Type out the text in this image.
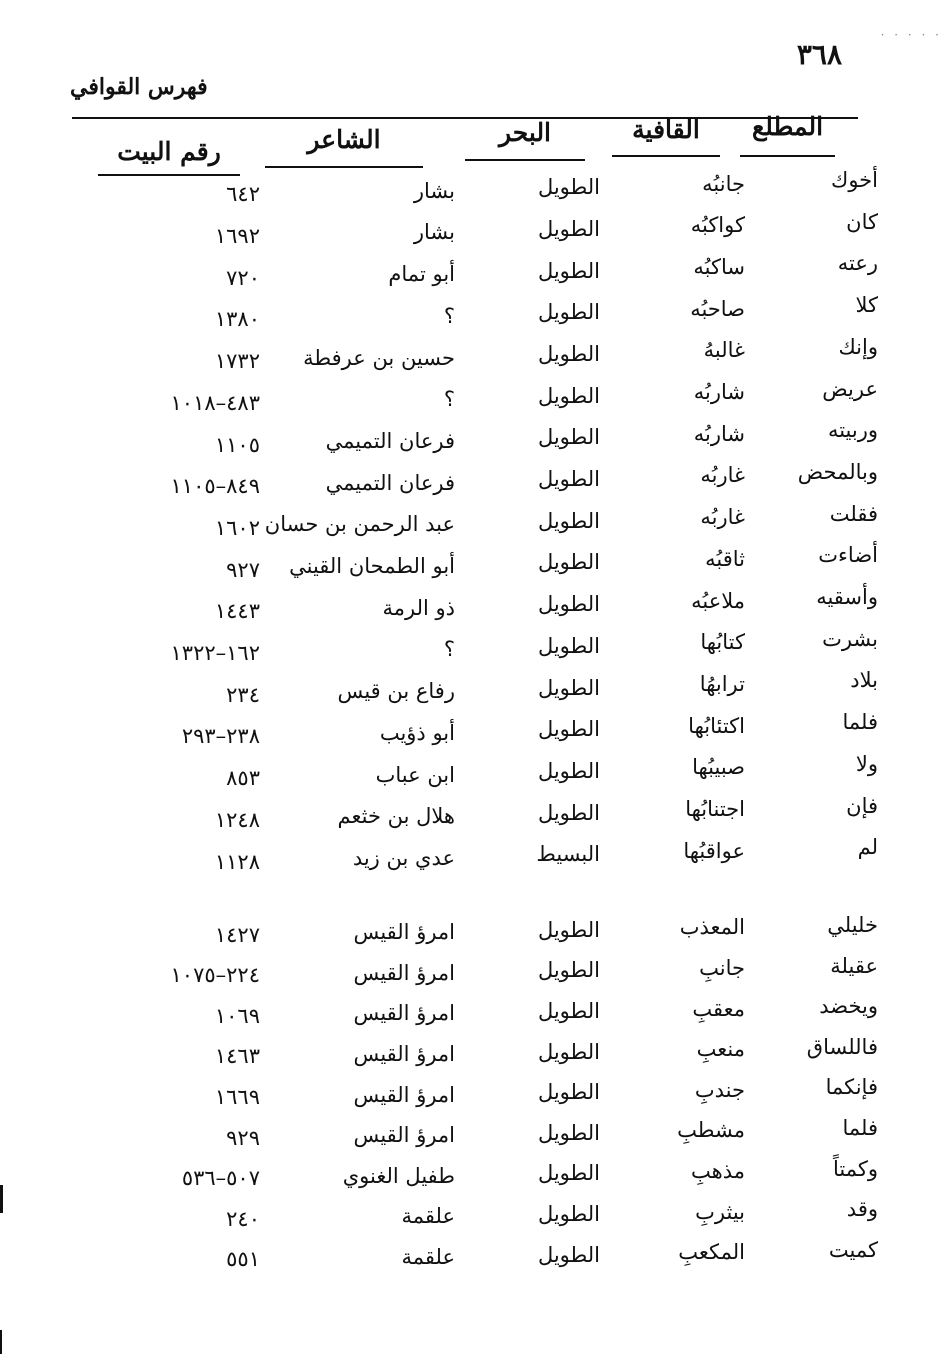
· · · · ·
٣٦٨
فهرس القوافي
المطلع
القافية
البحر
الشاعر
رقم البيت
أخوك
جانبُه
الطويل
بشار
٦٤٢
كان
كواكبُه
الطويل
بشار
١٦٩٢
رعته
ساكبُه
الطويل
أبو تمام
٧٢٠
كلا
صاحبُه
الطويل
؟
١٣٨٠
وإنك
غالبهُ
الطويل
حسين بن عرفطة
١٧٣٢
عريض
شاربُه
الطويل
؟
٤٨٣–١٠١٨
وربيته
شاربُه
الطويل
فرعان التميمي
١١٠٥
وبالمحض
غاربُه
الطويل
فرعان التميمي
٨٤٩–١١٠٥
فقلت
غاربُه
الطويل
عبد الرحمن بن حسان
١٦٠٢
أضاءت
ثاقبُه
الطويل
أبو الطمحان القيني
٩٢٧
وأسقيه
ملاعبُه
الطويل
ذو الرمة
١٤٤٣
بشرت
كتابُها
الطويل
؟
١٦٢–١٣٢٢
بلاد
ترابهُا
الطويل
رفاع بن قيس
٢٣٤
فلما
اكتئابُها
الطويل
أبو ذؤيب
٢٣٨–٢٩٣
ولا
صبيبُها
الطويل
ابن عباب
٨٥٣
فإن
اجتنابُها
الطويل
هلال بن خثعم
١٢٤٨
لم
عواقبُها
البسيط
عدي بن زيد
١١٢٨
خليلي
المعذب
الطويل
امرؤ القيس
١٤٢٧
عقيلة
جانبِ
الطويل
امرؤ القيس
٢٢٤–١٠٧٥
ويخضد
معقبِ
الطويل
امرؤ القيس
١٠٦٩
فاللساق
منعبِ
الطويل
امرؤ القيس
١٤٦٣
فإنكما
جندبِ
الطويل
امرؤ القيس
١٦٦٩
فلما
مشطبِ
الطويل
امرؤ القيس
٩٢٩
وكمتاً
مذهبِ
الطويل
طفيل الغنوي
٥٠٧–٥٣٦
وقد
بيثربِ
الطويل
علقمة
٢٤٠
كميت
المكعبِ
الطويل
علقمة
٥٥١
